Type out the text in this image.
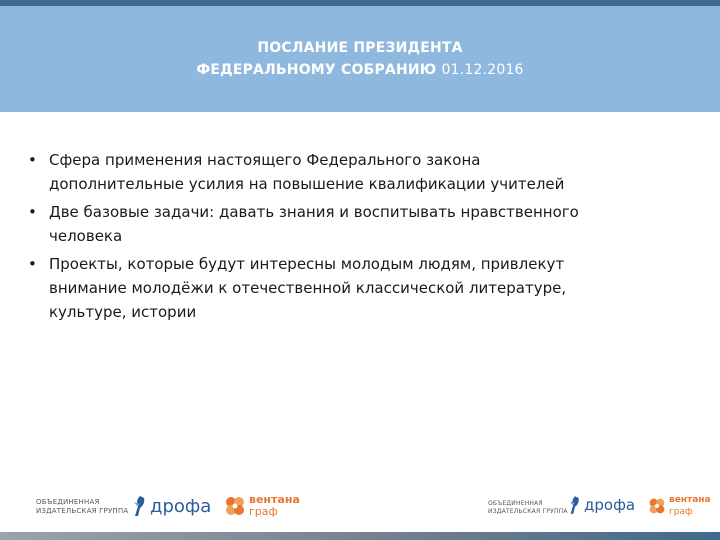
ПОСЛАНИЕ ПРЕЗИДЕНТА
ФЕДЕРАЛЬНОМУ СОБРАНИЮ 01.12.2016
• Сфера применения настоящего Федерального закона
дополнительные усилия на повышение квалификации учителей
• Две базовые задачи: давать знания и воспитывать нравственного
человека
• Проекты, которые будут интересны молодым людям, привлекут
внимание молодёжи к отечественной классической литературе,
культуре, истории
ОБЪЕДИНЕННАЯ
ИЗДАТЕЛЬСКАЯ ГРУППА дрофа	вентана
граф
ОБЪЕДИНЕННАЯ
ИЗДАТЕЛЬСКАЯ ГРУППА дрофа	вентана
граф
